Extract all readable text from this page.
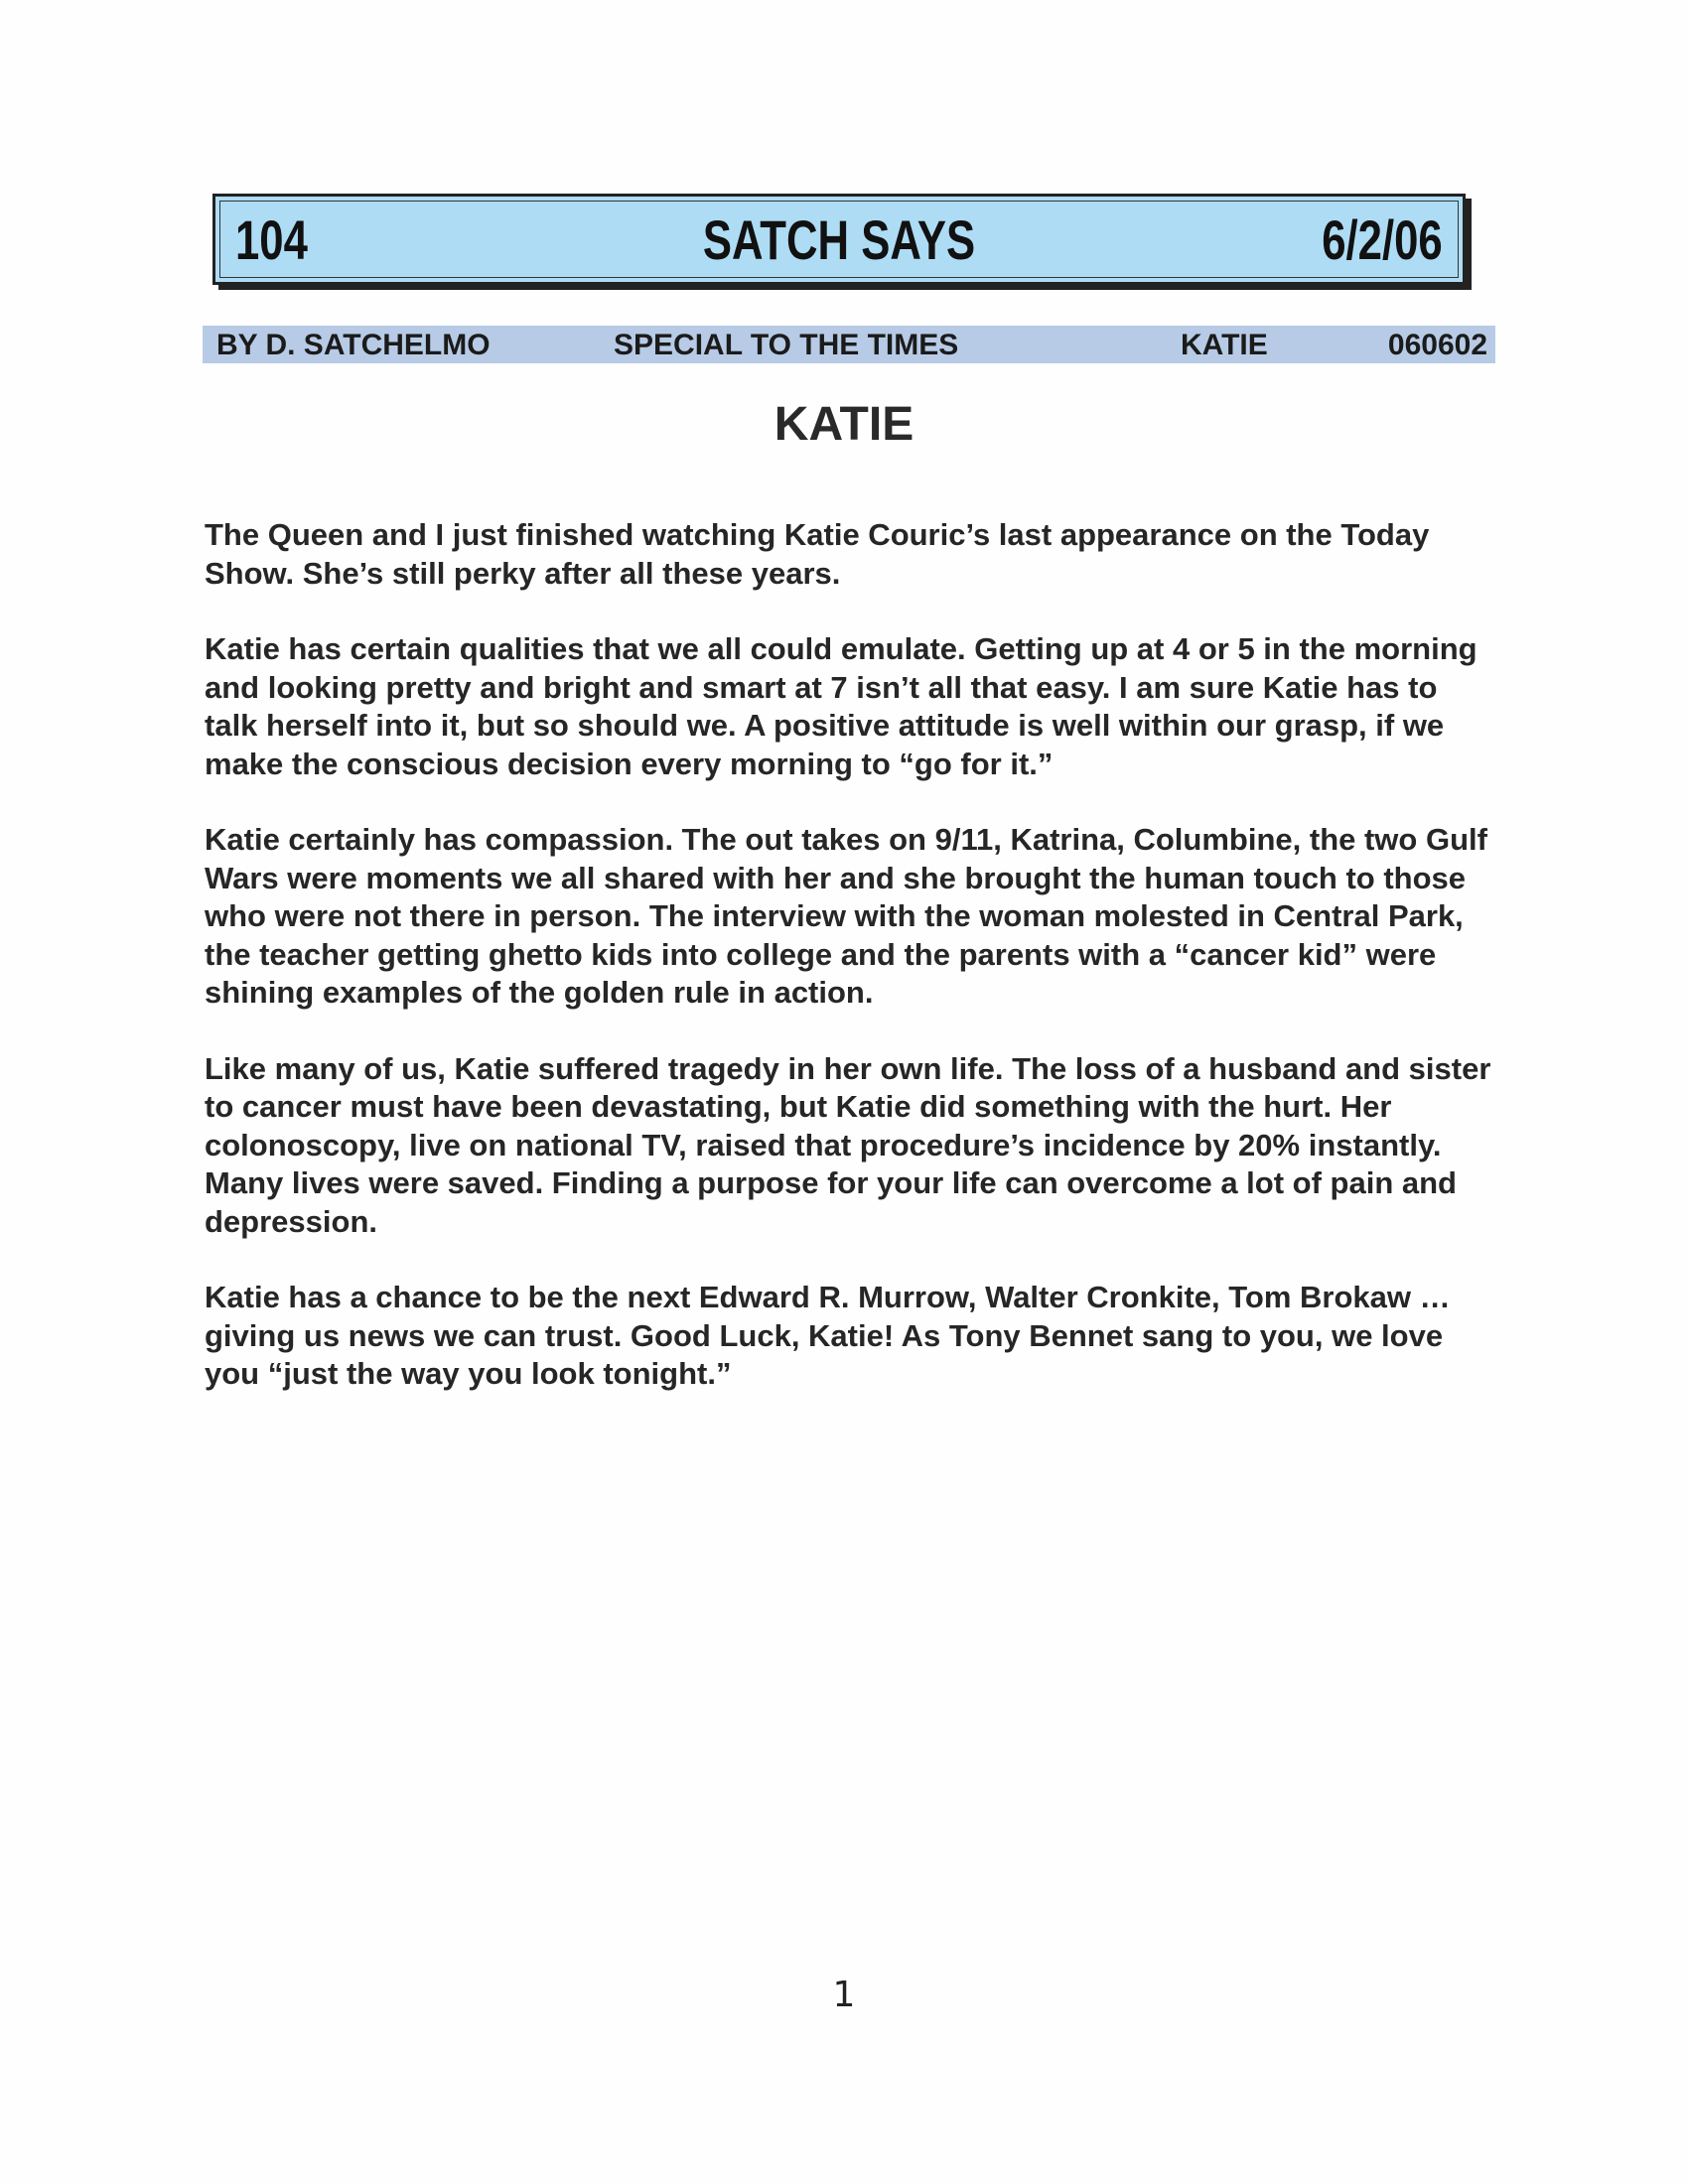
104	SATCH SAYS	6/2/06
BY D. SATCHELMO	SPECIAL TO THE TIMES	KATIE	060602
KATIE

The Queen and I just finished watching Katie Couric’s last appearance on the Today Show. She’s still perky after all these years.

Katie has certain qualities that we all could emulate. Getting up at 4 or 5 in the morning and looking pretty and bright and smart at 7 isn’t all that easy. I am sure Katie has to talk herself into it, but so should we. A positive attitude is well within our grasp, if we make the conscious decision every morning to “go for it.”

Katie certainly has compassion. The out takes on 9/11, Katrina, Columbine, the two Gulf Wars were moments we all shared with her and she brought the human touch to those who were not there in person. The interview with the woman molested in Central Park, the teacher getting ghetto kids into college and the parents with a “cancer kid” were shining examples of the golden rule in action.

Like many of us, Katie suffered tragedy in her own life. The loss of a husband and sister to cancer must have been devastating, but Katie did something with the hurt. Her colonoscopy, live on national TV, raised that procedure’s incidence by 20% instantly. Many lives were saved. Finding a purpose for your life can overcome a lot of pain and depression.

Katie has a chance to be the next Edward R. Murrow, Walter Cronkite, Tom Brokaw … giving us news we can trust. Good Luck, Katie! As Tony Bennet sang to you, we love you “just the way you look tonight.”

1
